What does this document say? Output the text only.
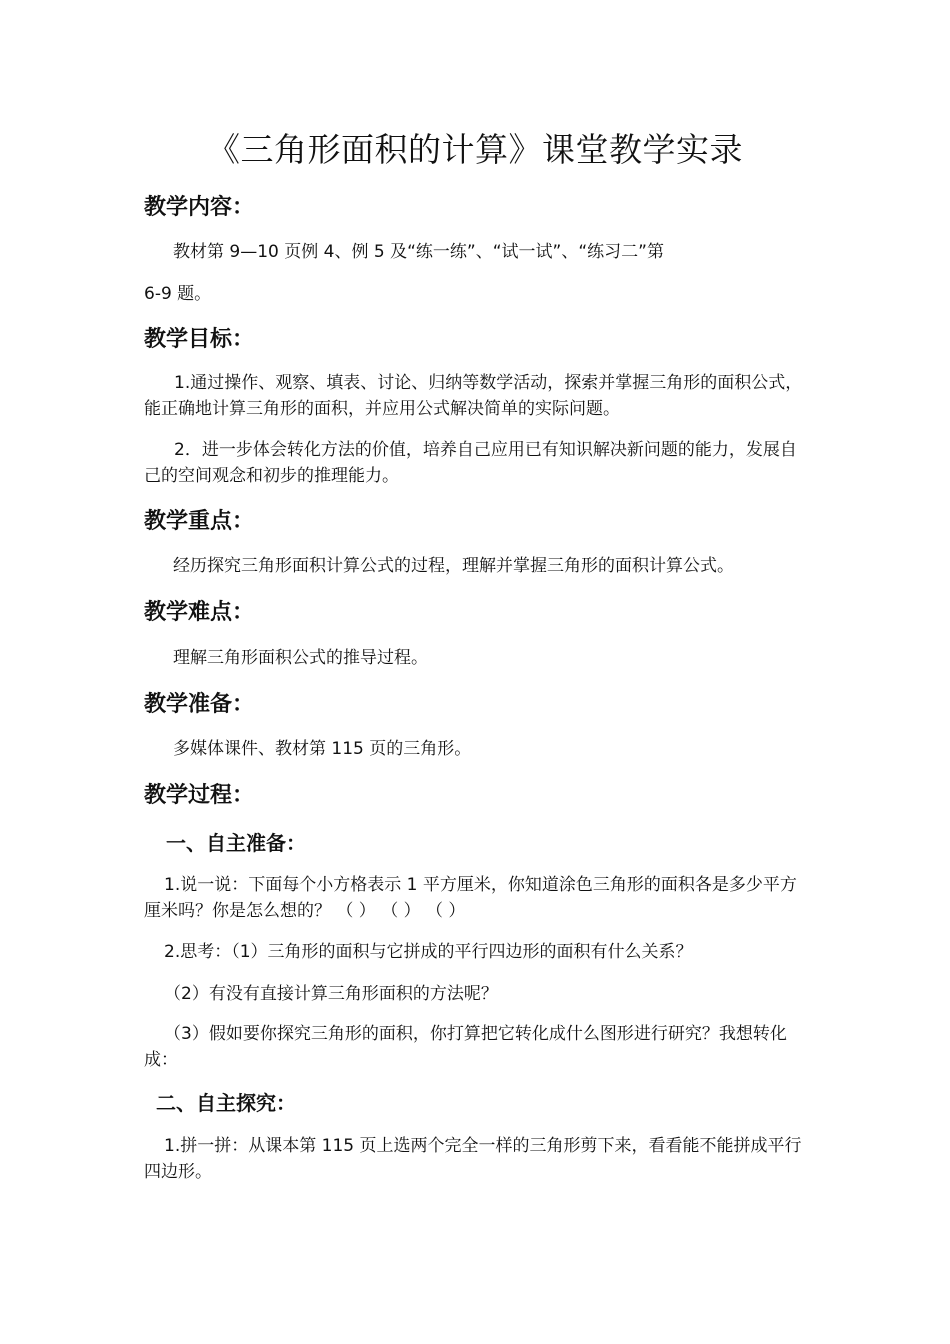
《三角形面积的计算》课堂教学实录
教学内容：
教材第 9—10 页例 4、例 5 及“练一练”、“试一试”、“练习二”第
6-9 题。
教学目标：

1.通过操作、观察、填表、讨论、归纳等数学活动，探索并掌握三角形的面积公式，能正确地计算三角形的面积，并应用公式解决简单的实际问题。

2．进一步体会转化方法的价值，培养自己应用已有知识解决新问题的能力，发展自己的空间观念和初步的推理能力。

教学重点：
经历探究三角形面积计算公式的过程，理解并掌握三角形的面积计算公式。
教学难点：
理解三角形面积公式的推导过程。
教学准备：
多媒体课件、教材第 115 页的三角形。
教学过程：
一、自主准备：

1.说一说：下面每个小方格表示 1 平方厘米，你知道涂色三角形的面积各是多少平方厘米吗？你是怎么想的？ （ ） （ ） （ ）

2.思考：（1）三角形的面积与它拼成的平行四边形的面积有什么关系？
（2）有没有直接计算三角形面积的方法呢？

（3）假如要你探究三角形的面积，你打算把它转化成什么图形进行研究？我想转化成：

二、自主探究：

1.拼一拼：从课本第 115 页上选两个完全一样的三角形剪下来，看看能不能拼成平行四边形。
